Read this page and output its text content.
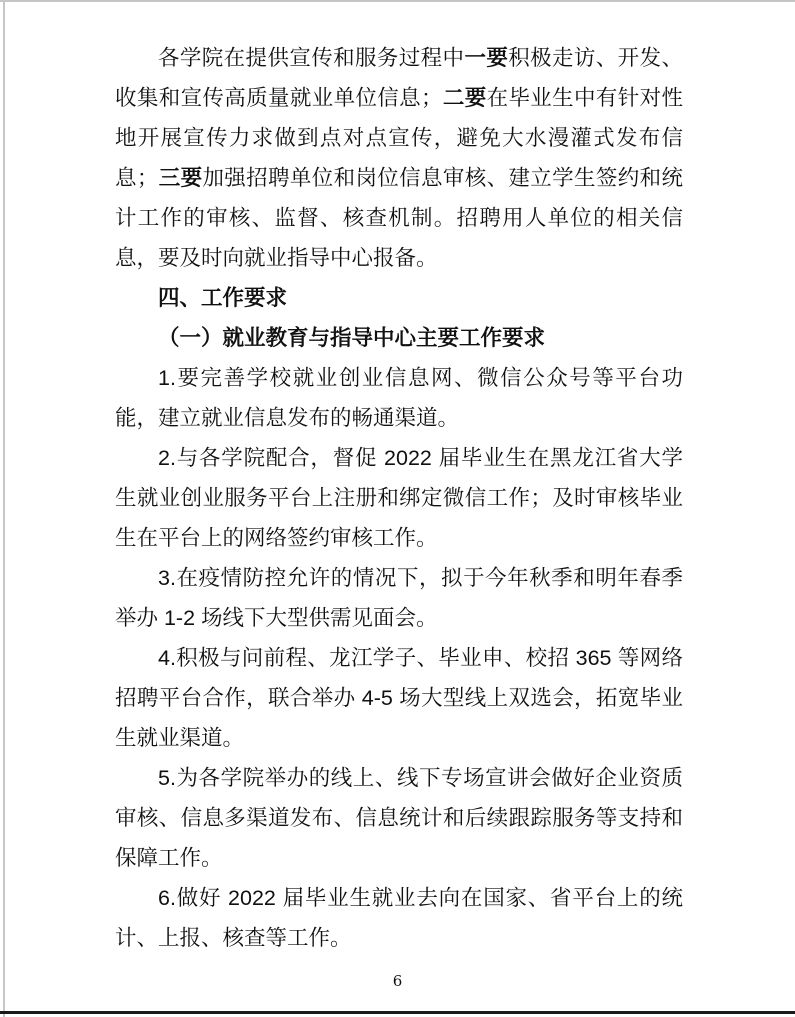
各学院在提供宣传和服务过程中一要积极走访、开发、收集和宣传高质量就业单位信息；二要在毕业生中有针对性地开展宣传力求做到点对点宣传，避免大水漫灌式发布信息；三要加强招聘单位和岗位信息审核、建立学生签约和统计工作的审核、监督、核查机制。招聘用人单位的相关信息，要及时向就业指导中心报备。

四、工作要求

（一）就业教育与指导中心主要工作要求

1.要完善学校就业创业信息网、微信公众号等平台功能，建立就业信息发布的畅通渠道。

2.与各学院配合，督促 2022 届毕业生在黑龙江省大学生就业创业服务平台上注册和绑定微信工作；及时审核毕业生在平台上的网络签约审核工作。

3.在疫情防控允许的情况下，拟于今年秋季和明年春季举办 1-2 场线下大型供需见面会。

4.积极与问前程、龙江学子、毕业申、校招 365 等网络招聘平台合作，联合举办 4-5 场大型线上双选会，拓宽毕业生就业渠道。

5.为各学院举办的线上、线下专场宣讲会做好企业资质审核、信息多渠道发布、信息统计和后续跟踪服务等支持和保障工作。

6.做好 2022 届毕业生就业去向在国家、省平台上的统计、上报、核查等工作。

6
